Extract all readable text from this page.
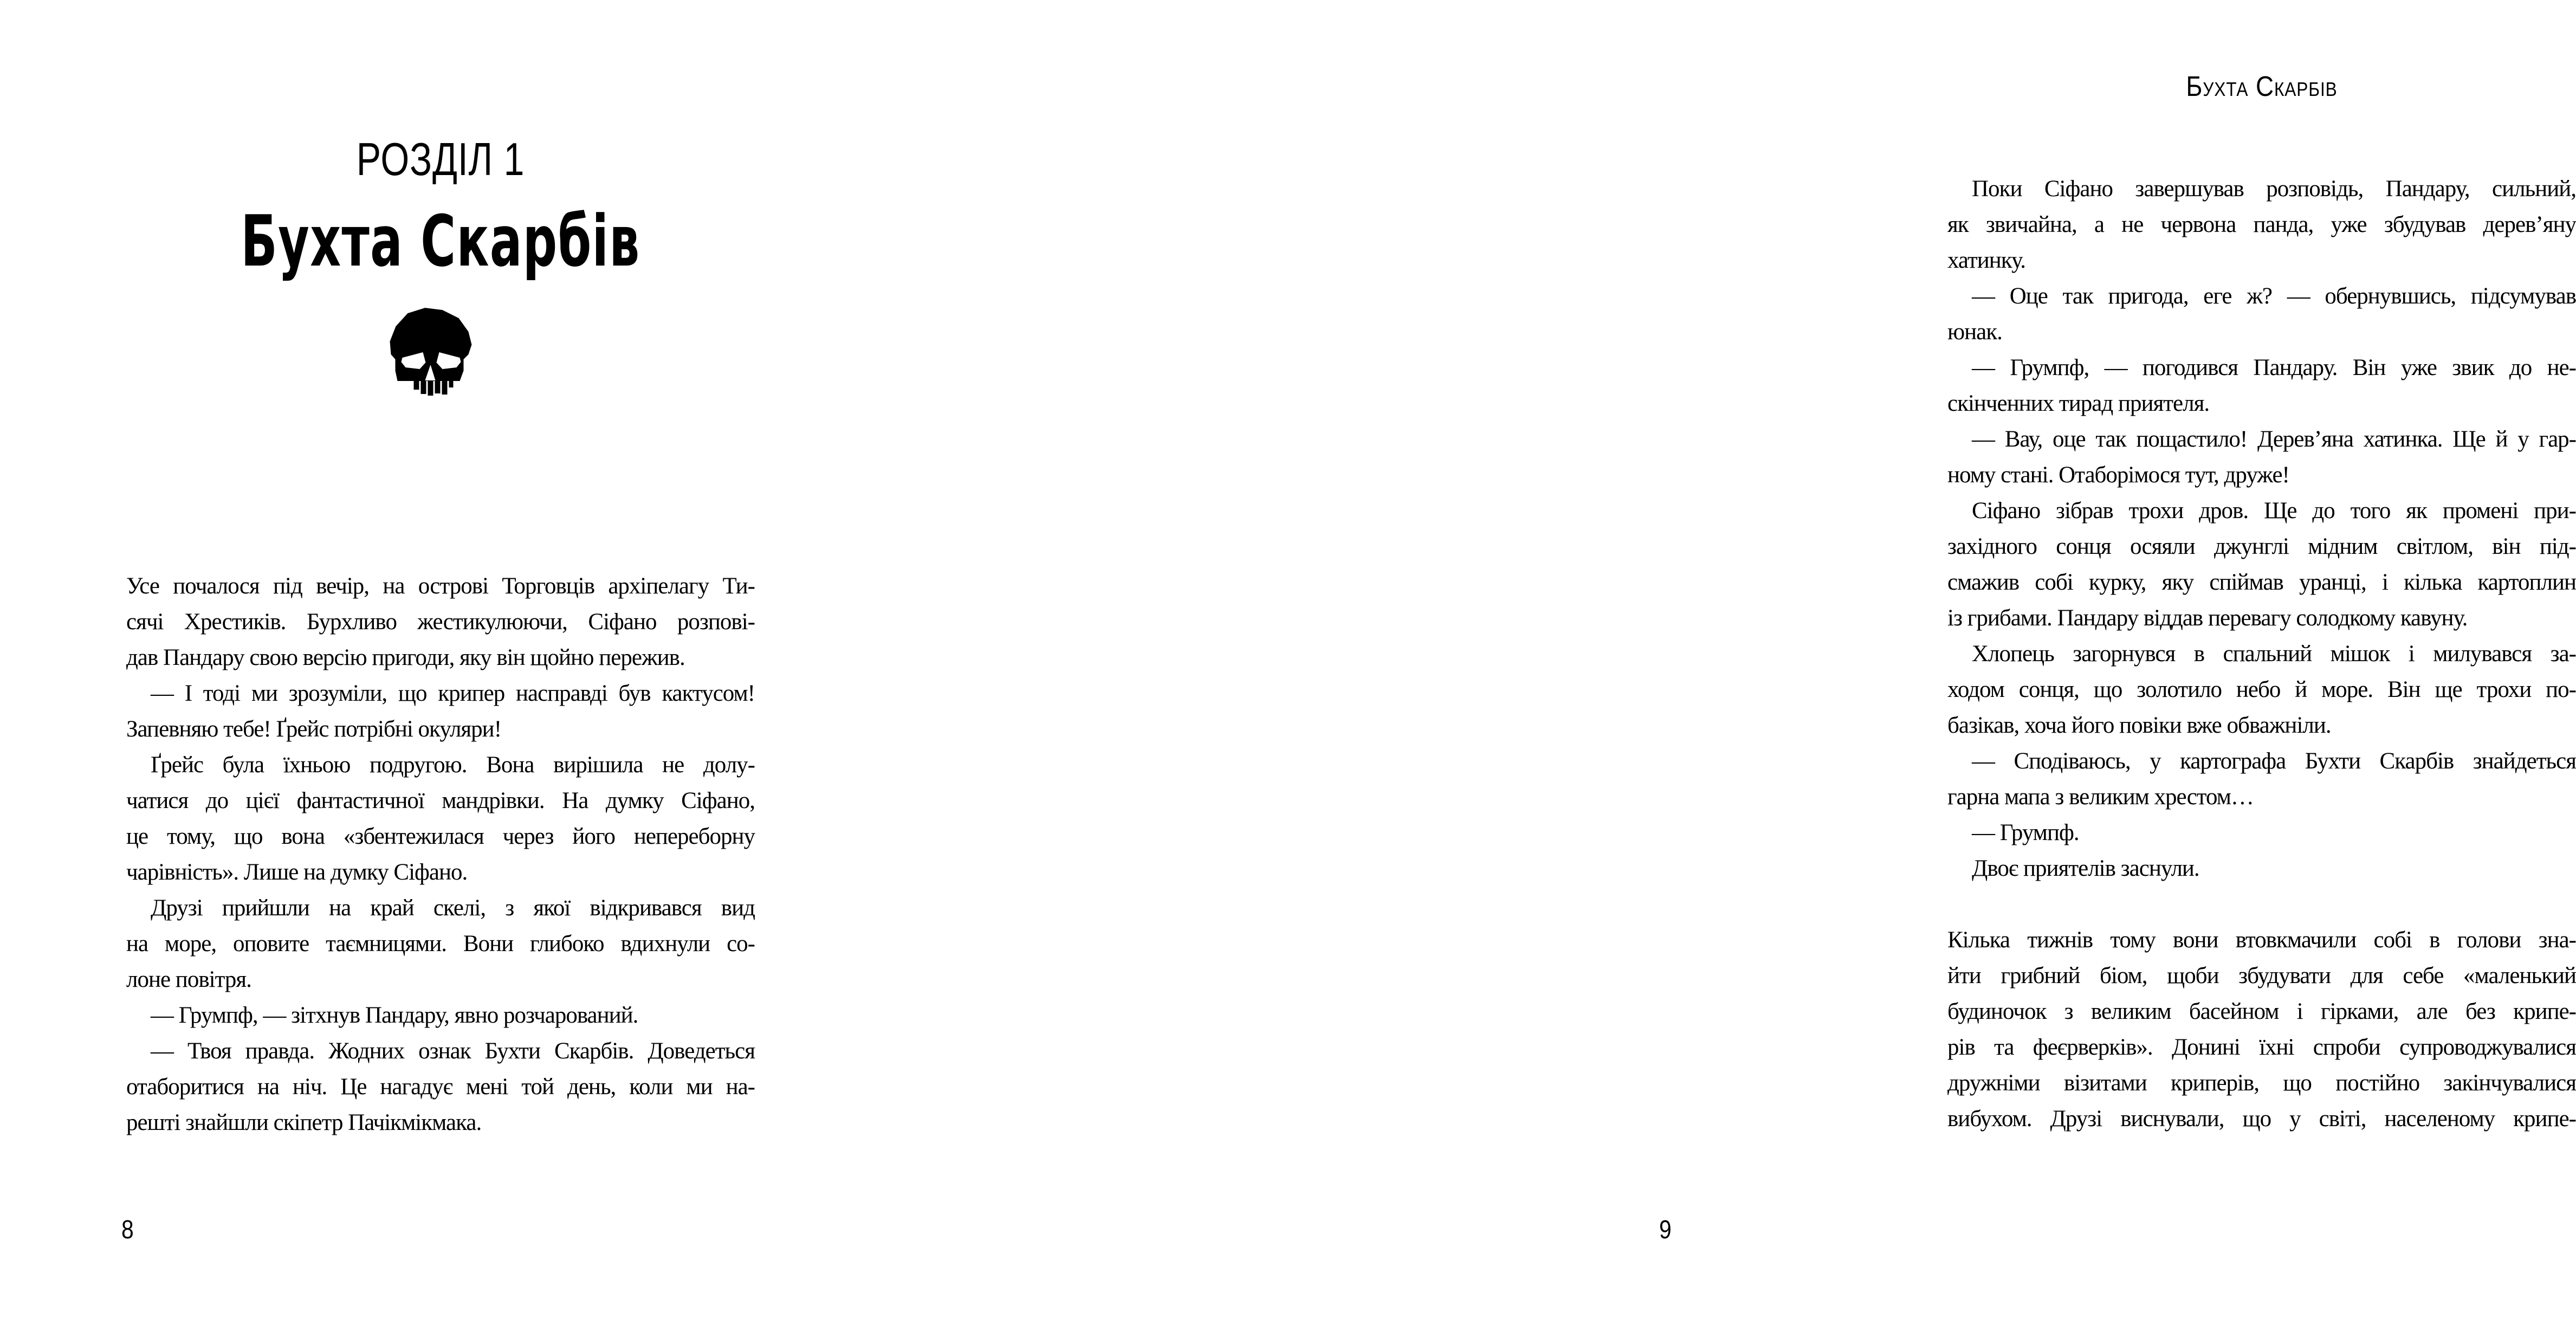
РОЗДІЛ 1
Бухта Скарбів
Усе почалося під вечір, на острові Торговців архіпелагу Ти-
сячі Хрестиків. Бурхливо жестикулюючи, Сіфано розпові-
дав Пандару свою версію пригоди, яку він щойно пережив.
— І тоді ми зрозуміли, що крипер насправді був кактусом!
Запевняю тебе! Ґрейс потрібні окуляри!
Ґрейс була їхньою подругою. Вона вирішила не долу-
чатися до цієї фантастичної мандрівки. На думку Сіфано,
це тому, що вона «збентежилася через його непереборну
чарівність». Лише на думку Сіфано.
Друзі прийшли на край скелі, з якої відкривався вид
на море, оповите таємницями. Вони глибоко вдихнули со-
лоне повітря.
— Грумпф, — зітхнув Пандару, явно розчарований.
— Твоя правда. Жодних ознак Бухти Скарбів. Доведеться
отаборитися на ніч. Це нагадує мені той день, коли ми на-
решті знайшли скіпетр Пачікмікмака.
8
Бухта Скарбів
Поки Сіфано завершував розповідь, Пандару, сильний,
як звичайна, а не червона панда, уже збудував дерев’яну
хатинку.
— Оце так пригода, еге ж? — обернувшись, підсумував
юнак.
— Грумпф, — погодився Пандару. Він уже звик до не-
скінченних тирад приятеля.
— Вау, оце так пощастило! Дерев’яна хатинка. Ще й у гар-
ному стані. Отаборімося тут, друже!
Сіфано зібрав трохи дров. Ще до того як промені при-
західного сонця осяяли джунглі мідним світлом, він під-
смажив собі курку, яку спіймав уранці, і кілька картоплин
із грибами. Пандару віддав перевагу солодкому кавуну.
Хлопець загорнувся в спальний мішок і милувався за-
ходом сонця, що золотило небо й море. Він ще трохи по-
базікав, хоча його повіки вже обважніли.
— Сподіваюсь, у картографа Бухти Скарбів знайдеться
гарна мапа з великим хрестом…
— Грумпф.
Двоє приятелів заснули.
Кілька тижнів тому вони втовкмачили собі в голови зна-
йти грибний біом, щоби збудувати для себе «маленький
будиночок з великим басейном і гірками, але без крипе-
рів та феєрверків». Донині їхні спроби супроводжувалися
дружніми візитами криперів, що постійно закінчувалися
вибухом. Друзі виснували, що у світі, населеному крипе-
9
